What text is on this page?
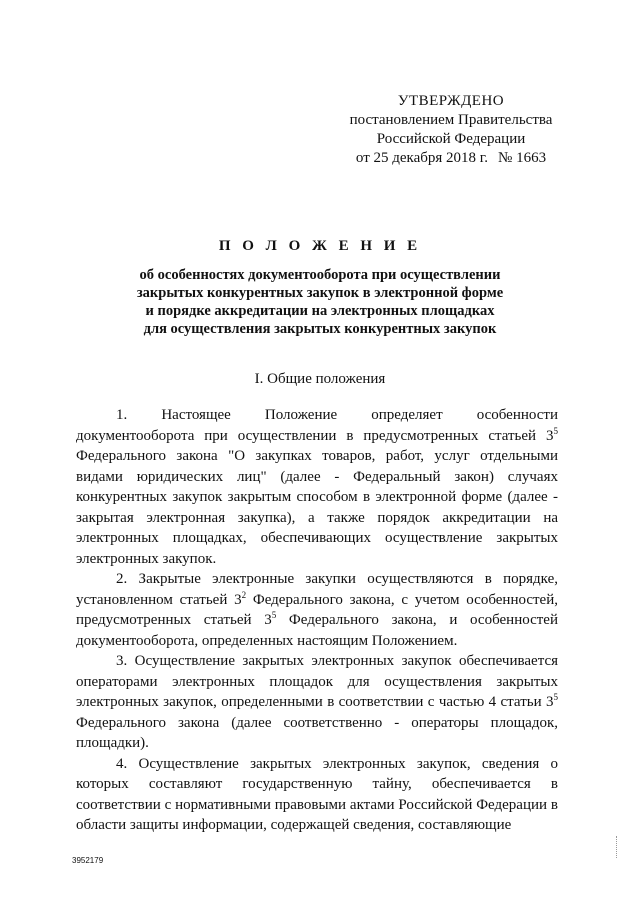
УТВЕРЖДЕНО
постановлением Правительства
Российской Федерации
от 25 декабря 2018 г. № 1663
П О Л О Ж Е Н И Е
об особенностях документооборота при осуществлении
закрытых конкурентных закупок в электронной форме
и порядке аккредитации на электронных площадках
для осуществления закрытых конкурентных закупок
I. Общие положения

1. Настоящее Положение определяет особенности документооборота при осуществлении в предусмотренных статьей $3^5$ Федерального закона "О закупках товаров, работ, услуг отдельными видами юридических лиц" (далее - Федеральный закон) случаях конкурентных закупок закрытым способом в электронной форме (далее - закрытая электронная закупка), а также порядок аккредитации на электронных площадках, обеспечивающих осуществление закрытых электронных закупок.

2. Закрытые электронные закупки осуществляются в порядке, установленном статьей $3^2$ Федерального закона, с учетом особенностей, предусмотренных статьей $3^5$ Федерального закона, и особенностей документооборота, определенных настоящим Положением.

3. Осуществление закрытых электронных закупок обеспечивается операторами электронных площадок для осуществления закрытых электронных закупок, определенными в соответствии с частью 4 статьи $3^5$ Федерального закона (далее соответственно - операторы площадок, площадки).

4. Осуществление закрытых электронных закупок, сведения о которых составляют государственную тайну, обеспечивается в соответствии с нормативными правовыми актами Российской Федерации в области защиты информации, содержащей сведения, составляющие

3952179
